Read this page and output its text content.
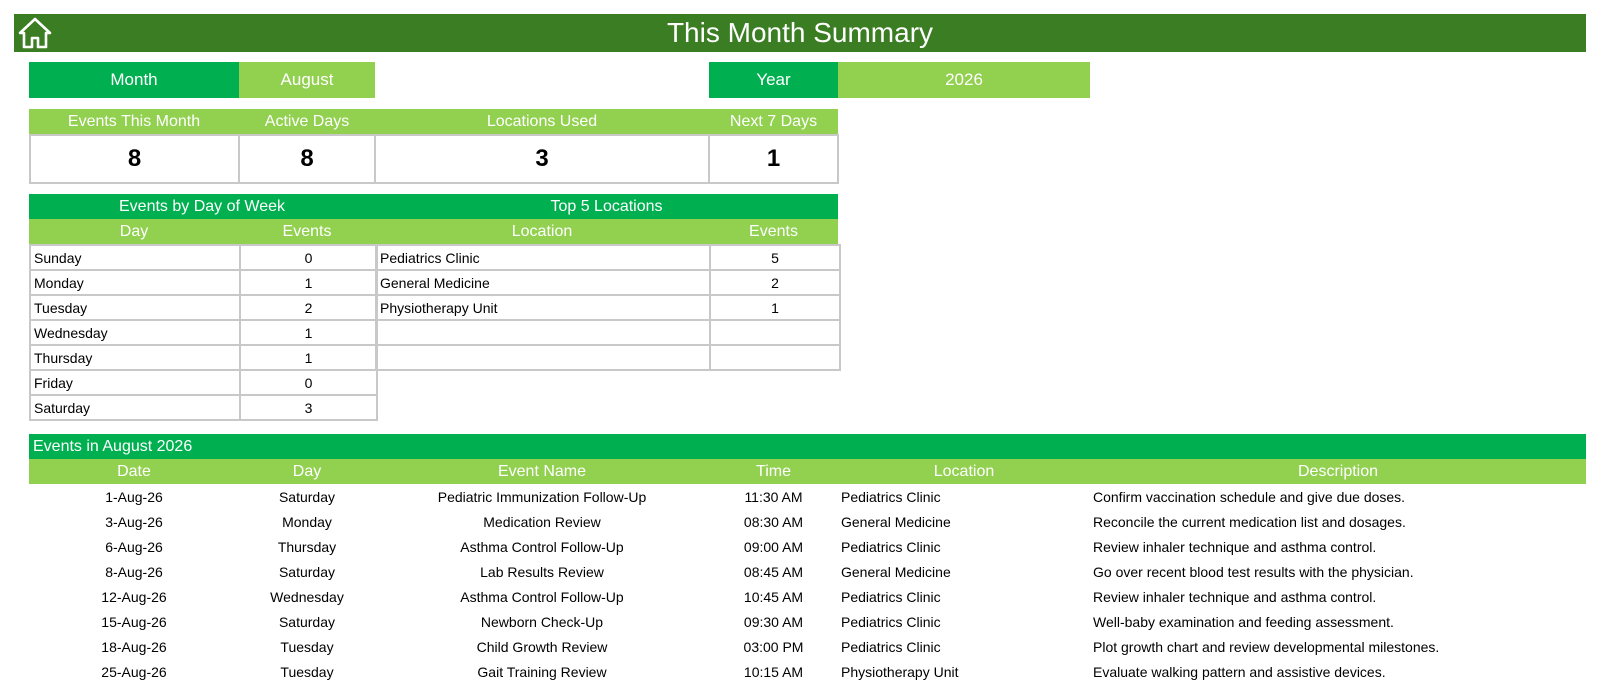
This Month Summary
Month	August	Year	2026
Events This Month	Active Days	Locations Used	Next 7 Days
8	8	3	1
Events by Day of Week	Top 5 Locations
Day	Events	Location	Events
Sunday	0
Monday	1
Tuesday	2
Wednesday	1
Thursday	1
Friday	0
Saturday	3
Pediatrics Clinic	5
General Medicine	2
Physiotherapy Unit	1

Events in August 2026
Date	Day	Event Name	Time	Location	Description
1-Aug-26	Saturday	Pediatric Immunization Follow-Up	11:30 AM	Pediatrics Clinic	Confirm vaccination schedule and give due doses.
3-Aug-26	Monday	Medication Review	08:30 AM	General Medicine	Reconcile the current medication list and dosages.
6-Aug-26	Thursday	Asthma Control Follow-Up	09:00 AM	Pediatrics Clinic	Review inhaler technique and asthma control.
8-Aug-26	Saturday	Lab Results Review	08:45 AM	General Medicine	Go over recent blood test results with the physician.
12-Aug-26	Wednesday	Asthma Control Follow-Up	10:45 AM	Pediatrics Clinic	Review inhaler technique and asthma control.
15-Aug-26	Saturday	Newborn Check-Up	09:30 AM	Pediatrics Clinic	Well-baby examination and feeding assessment.
18-Aug-26	Tuesday	Child Growth Review	03:00 PM	Pediatrics Clinic	Plot growth chart and review developmental milestones.
25-Aug-26	Tuesday	Gait Training Review	10:15 AM	Physiotherapy Unit	Evaluate walking pattern and assistive devices.
